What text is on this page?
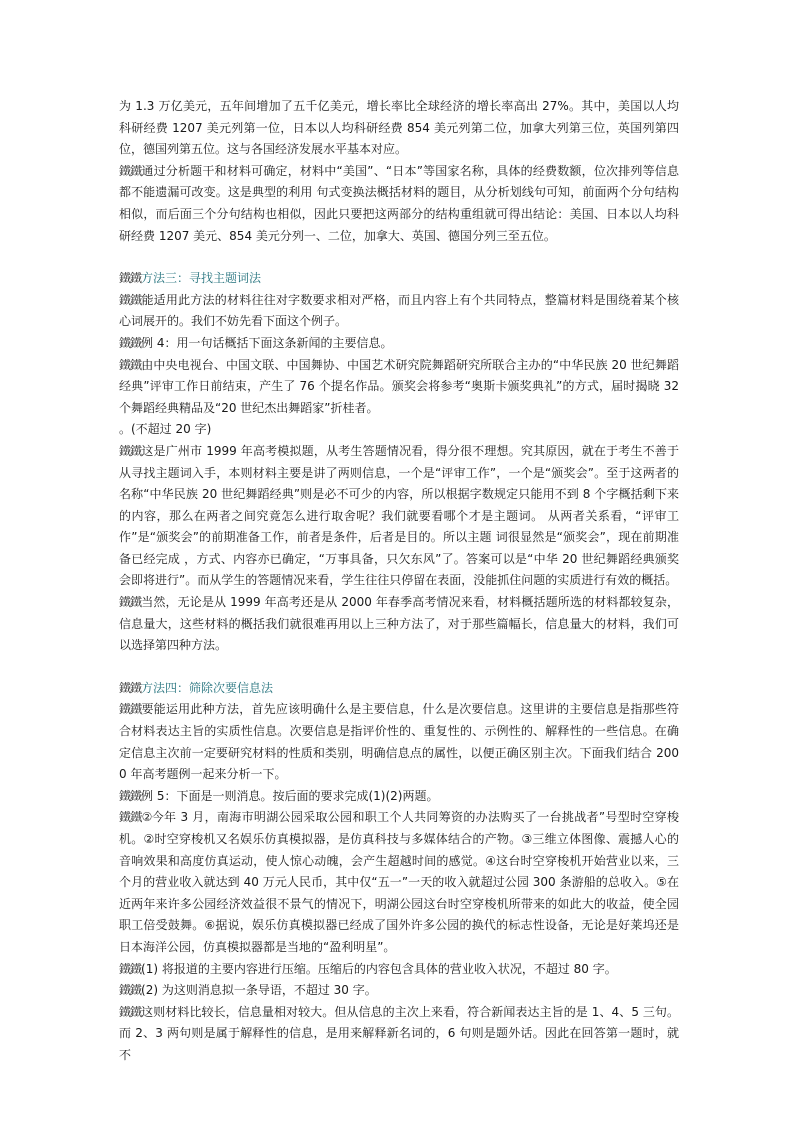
为 1.3 万亿美元，五年间增加了五千亿美元，增长率比全球经济的增长率高出 27%。其中，美国以人均科研经费 1207 美元列第一位，日本以人均科研经费 854 美元列第二位，加拿大列第三位，英国列第四位，德国列第五位。这与各国经济发展水平基本对应。

鐵鐵通过分析题干和材料可确定，材料中“美国”、“日本”等国家名称，具体的经费数额，位次排列等信息都不能遗漏可改变。这是典型的利用 句式变换法概括材料的题目，从分析划线句可知，前面两个分句结构相似，而后面三个分句结构也相似，因此只要把这两部分的结构重组就可得出结论：美国、日本以人均科研经费 1207 美元、854 美元分列一、二位，加拿大、英国、德国分列三至五位。

鐵鐵方法三：寻找主题词法

鐵鐵能适用此方法的材料往往对字数要求相对严格，而且内容上有个共同特点，整篇材料是围绕着某个核心词展开的。我们不妨先看下面这个例子。

鐵鐵例 4：用一句话概括下面这条新闻的主要信息。

鐵鐵由中央电视台、中国文联、中国舞协、中国艺术研究院舞蹈研究所联合主办的“中华民族 20 世纪舞蹈经典”评审工作日前结束，产生了 76 个提名作品。颁奖会将参考“奥斯卡颁奖典礼”的方式，届时揭晓 32 个舞蹈经典精品及“20 世纪杰出舞蹈家”折桂者。

。(不超过 20 字)

鐵鐵这是广州市 1999 年高考模拟题，从考生答题情况看，得分很不理想。究其原因，就在于考生不善于从寻找主题词入手，本则材料主要是讲了两则信息，一个是“评审工作”，一个是“颁奖会”。至于这两者的名称“中华民族 20 世纪舞蹈经典”则是必不可少的内容，所以根据字数规定只能用不到 8 个字概括剩下来的内容，那么在两者之间究竟怎么进行取舍呢？我们就要看哪个才是主题词。 从两者关系看，“评审工作”是“颁奖会”的前期准备工作，前者是条件，后者是目的。所以主题 词很显然是“颁奖会”，现在前期准备已经完成 ，方式、内容亦已确定，“万事具备，只欠东风”了。答案可以是“中华 20 世纪舞蹈经典颁奖会即将进行”。而从学生的答题情况来看，学生往往只停留在表面，没能抓住问题的实质进行有效的概括。

鐵鐵当然，无论是从 1999 年高考还是从 2000 年春季高考情况来看，材料概括题所选的材料都较复杂，信息量大，这些材料的概括我们就很难再用以上三种方法了，对于那些篇幅长，信息量大的材料，我们可以选择第四种方法。

鐵鐵方法四：筛除次要信息法

鐵鐵要能运用此种方法，首先应该明确什么是主要信息，什么是次要信息。这里讲的主要信息是指那些符合材料表达主旨的实质性信息。次要信息是指评价性的、重复性的、示例性的、解释性的一些信息。在确定信息主次前一定要研究材料的性质和类别，明确信息点的属性，以便正确区别主次。下面我们结合 2000 年高考题例一起来分析一下。

鐵鐵例 5：下面是一则消息。按后面的要求完成(1)(2)两题。

鐵鐵②今年 3 月，南海市明湖公园采取公园和职工个人共同筹资的办法购买了一台挑战者”号型时空穿梭机。②时空穿梭机又名娱乐仿真模拟器，是仿真科技与多媒体结合的产物。③三维立体图像、震撼人心的音响效果和高度仿真运动，使人惊心动魄，会产生超越时间的感觉。④这台时空穿梭机开始营业以来，三个月的营业收入就达到 40 万元人民币，其中仅“五一”一天的收入就超过公园 300 条游船的总收入。⑤在近两年来许多公园经济效益很不景气的情况下，明湖公园这台时空穿梭机所带来的如此大的收益，使全园职工倍受鼓舞。⑥据说，娱乐仿真模拟器已经成了国外许多公园的换代的标志性设备，无论是好莱坞还是日本海洋公园，仿真模拟器都是当地的“盈利明星”。

鐵鐵(1) 将报道的主要内容进行压缩。压缩后的内容包含具体的营业收入状况，不超过 80 字。

鐵鐵(2) 为这则消息拟一条导语，不超过 30 字。

鐵鐵这则材料比较长，信息量相对较大。但从信息的主次上来看，符合新闻表达主旨的是 1、4、5 三句。而 2、3 两句则是属于解释性的信息，是用来解释新名词的，6 句则是题外话。因此在回答第一题时，就不
